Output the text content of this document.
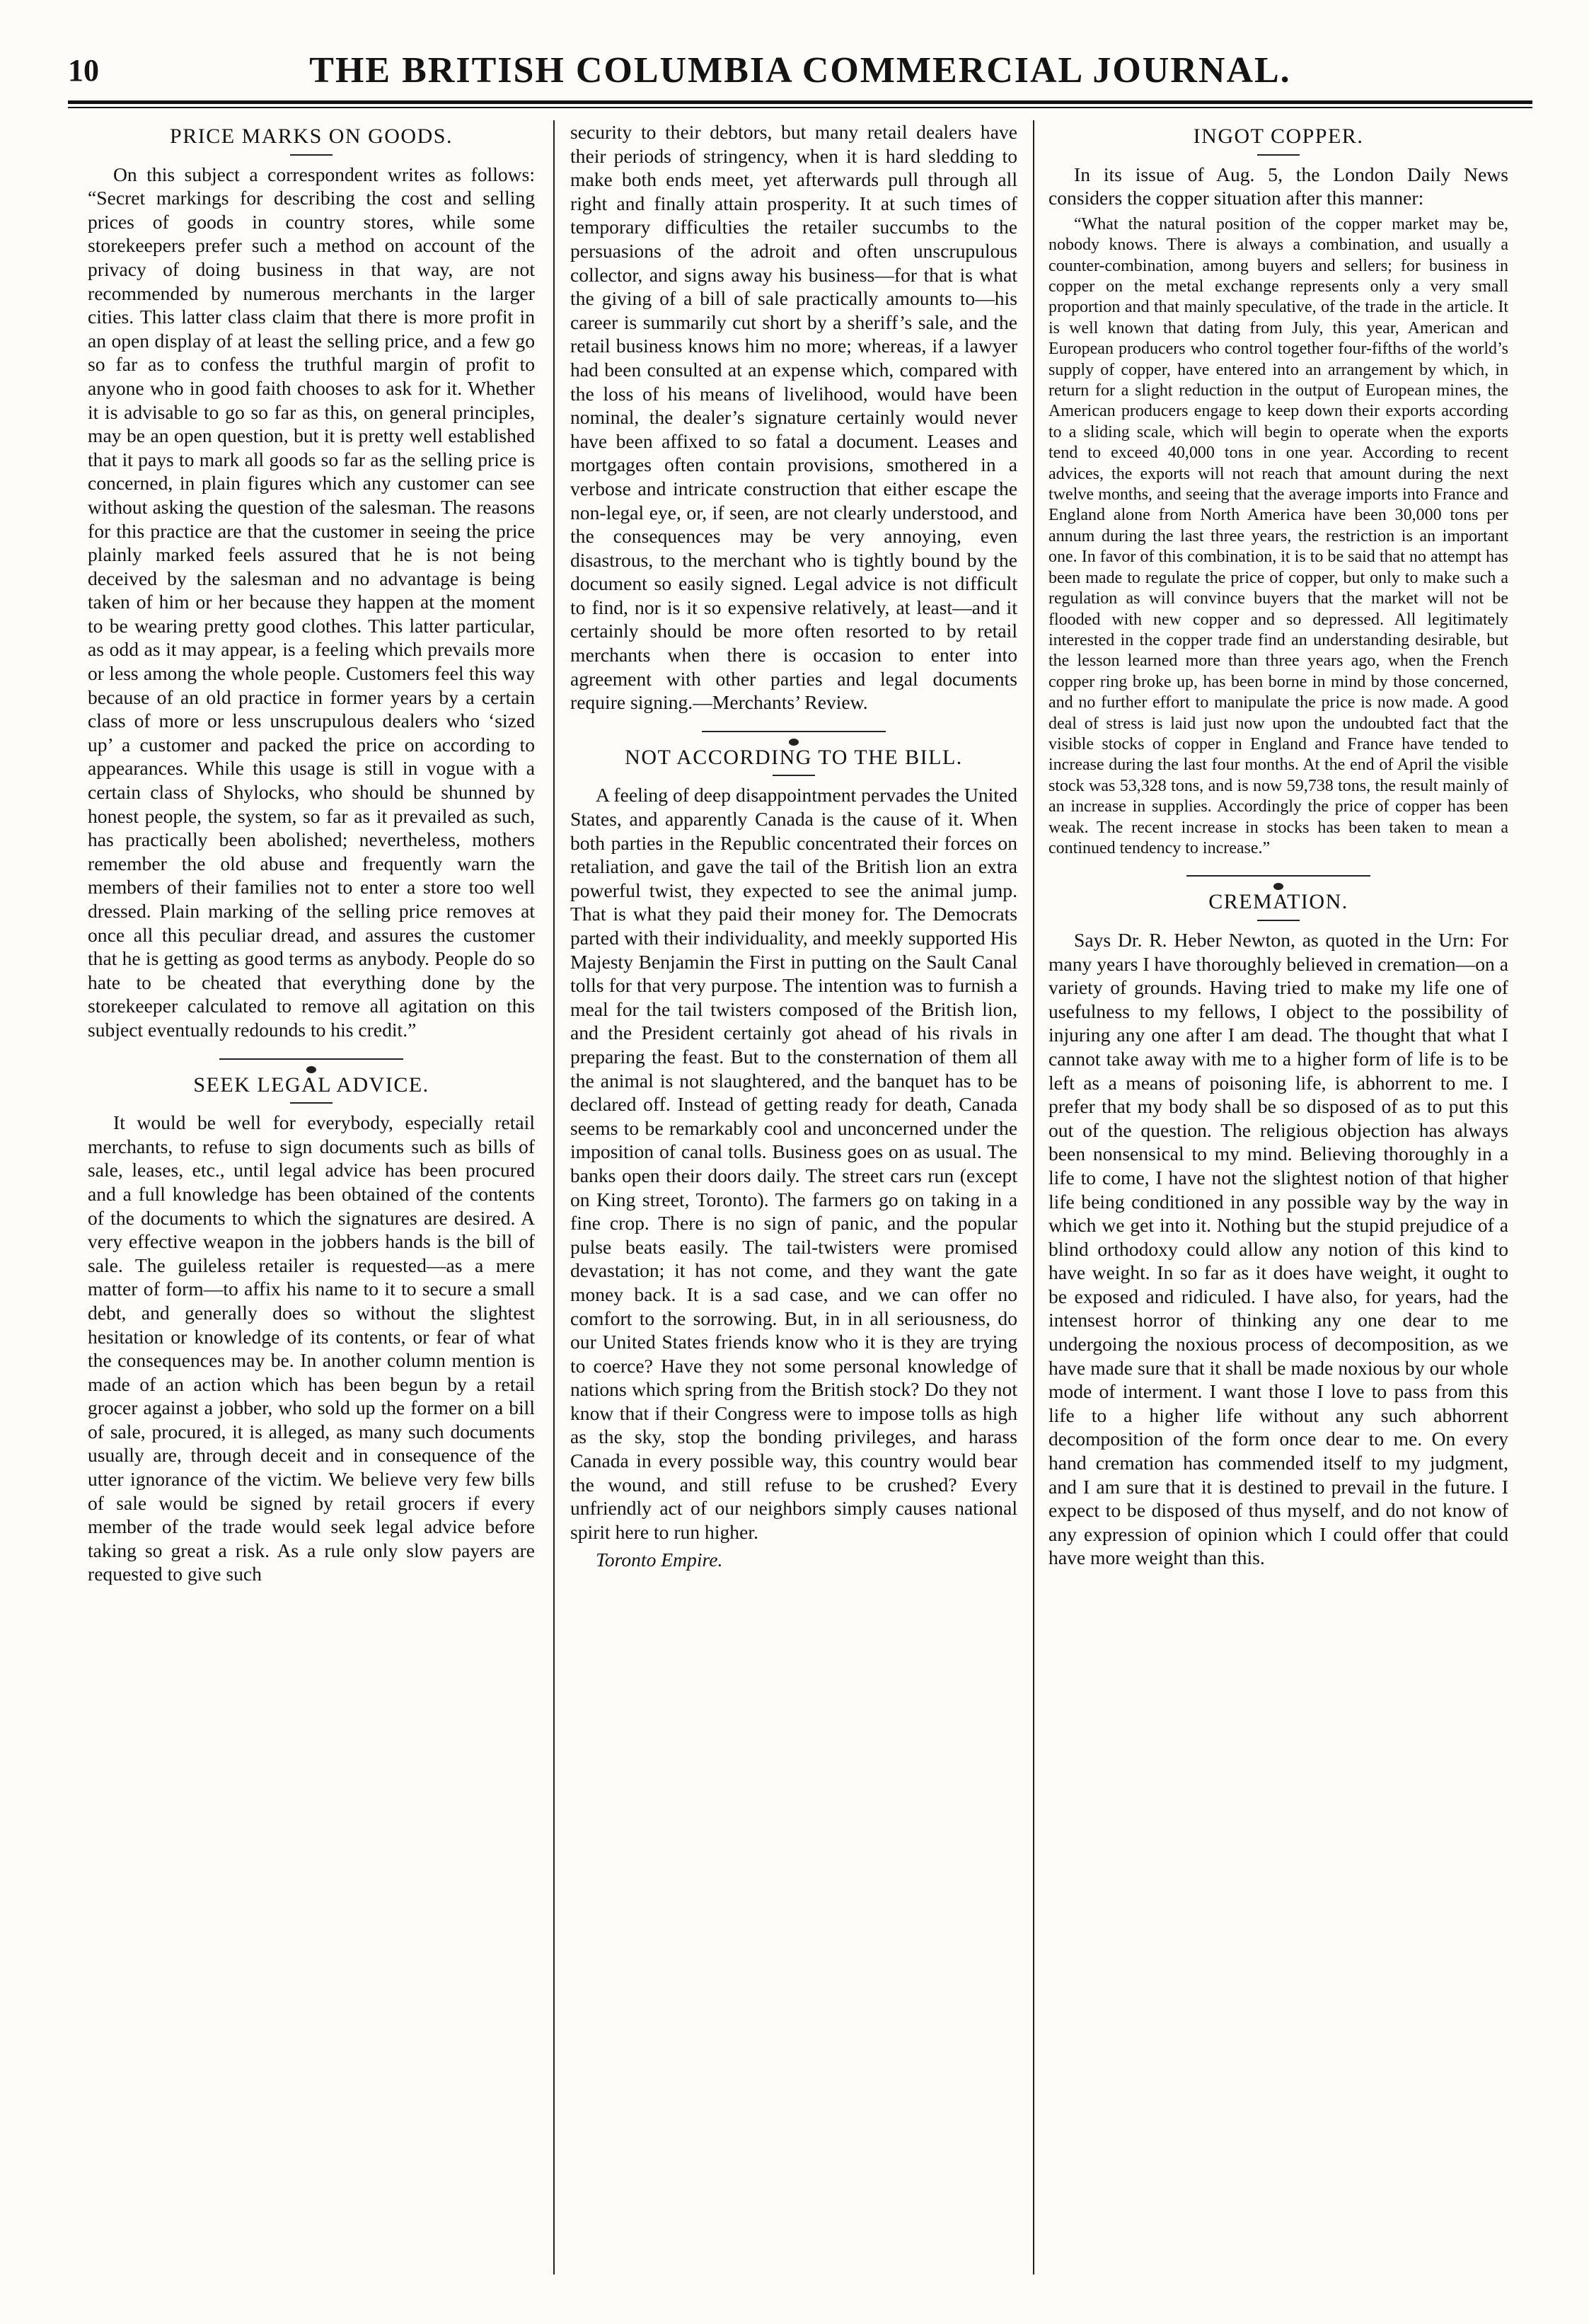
10	THE BRITISH COLUMBIA COMMERCIAL JOURNAL.
PRICE MARKS ON GOODS.

On this subject a correspondent writes as follows: “Secret markings for describing the cost and selling prices of goods in country stores, while some storekeepers prefer such a method on account of the privacy of doing business in that way, are not recommended by numerous merchants in the larger cities. This latter class claim that there is more profit in an open display of at least the selling price, and a few go so far as to confess the truthful margin of profit to anyone who in good faith chooses to ask for it. Whether it is advisable to go so far as this, on general principles, may be an open question, but it is pretty well established that it pays to mark all goods so far as the selling price is concerned, in plain figures which any customer can see without asking the question of the salesman. The reasons for this practice are that the customer in seeing the price plainly marked feels assured that he is not being deceived by the salesman and no advantage is being taken of him or her because they happen at the moment to be wearing pretty good clothes. This latter particular, as odd as it may appear, is a feeling which prevails more or less among the whole people. Customers feel this way because of an old practice in former years by a certain class of more or less unscrupulous dealers who ‘sized up’ a customer and packed the price on according to appearances. While this usage is still in vogue with a certain class of Shylocks, who should be shunned by honest people, the system, so far as it prevailed as such, has practically been abolished; nevertheless, mothers remember the old abuse and frequently warn the members of their families not to enter a store too well dressed. Plain marking of the selling price removes at once all this peculiar dread, and assures the customer that he is getting as good terms as anybody. People do so hate to be cheated that everything done by the storekeeper calculated to remove all agitation on this subject eventually redounds to his credit.”

SEEK LEGAL ADVICE.

It would be well for everybody, especially retail merchants, to refuse to sign documents such as bills of sale, leases, etc., until legal advice has been procured and a full knowledge has been obtained of the contents of the documents to which the signatures are desired. A very effective weapon in the jobbers hands is the bill of sale. The guileless retailer is requested—as a mere matter of form—to affix his name to it to secure a small debt, and generally does so without the slightest hesitation or knowledge of its contents, or fear of what the consequences may be. In another column mention is made of an action which has been begun by a retail grocer against a jobber, who sold up the former on a bill of sale, procured, it is alleged, as many such documents usually are, through deceit and in consequence of the utter ignorance of the victim. We believe very few bills of sale would be signed by retail grocers if every member of the trade would seek legal advice before taking so great a risk. As a rule only slow payers are requested to give such

security to their debtors, but many retail dealers have their periods of stringency, when it is hard sledding to make both ends meet, yet afterwards pull through all right and finally attain prosperity. It at such times of temporary difficulties the retailer succumbs to the persuasions of the adroit and often unscrupulous collector, and signs away his business—for that is what the giving of a bill of sale practically amounts to—his career is summarily cut short by a sheriff’s sale, and the retail business knows him no more; whereas, if a lawyer had been consulted at an expense which, compared with the loss of his means of livelihood, would have been nominal, the dealer’s signature certainly would never have been affixed to so fatal a document. Leases and mortgages often contain provisions, smothered in a verbose and intricate construction that either escape the non-legal eye, or, if seen, are not clearly understood, and the consequences may be very annoying, even disastrous, to the merchant who is tightly bound by the document so easily signed. Legal advice is not difficult to find, nor is it so expensive relatively, at least—and it certainly should be more often resorted to by retail merchants when there is occasion to enter into agreement with other parties and legal documents require signing.—Merchants’ Review.

NOT ACCORDING TO THE BILL.

A feeling of deep disappointment pervades the United States, and apparently Canada is the cause of it. When both parties in the Republic concentrated their forces on retaliation, and gave the tail of the British lion an extra powerful twist, they expected to see the animal jump. That is what they paid their money for. The Democrats parted with their individuality, and meekly supported His Majesty Benjamin the First in putting on the Sault Canal tolls for that very purpose. The intention was to furnish a meal for the tail twisters composed of the British lion, and the President certainly got ahead of his rivals in preparing the feast. But to the consternation of them all the animal is not slaughtered, and the banquet has to be declared off. Instead of getting ready for death, Canada seems to be remarkably cool and unconcerned under the imposition of canal tolls. Business goes on as usual. The banks open their doors daily. The street cars run (except on King street, Toronto). The farmers go on taking in a fine crop. There is no sign of panic, and the popular pulse beats easily. The tail-twisters were promised devastation; it has not come, and they want the gate money back. It is a sad case, and we can offer no comfort to the sorrowing. But, in in all seriousness, do our United States friends know who it is they are trying to coerce? Have they not some personal knowledge of nations which spring from the British stock? Do they not know that if their Congress were to impose tolls as high as the sky, stop the bonding privileges, and harass Canada in every possible way, this country would bear the wound, and still refuse to be crushed? Every unfriendly act of our neighbors simply causes national spirit here to run higher.

Toronto Empire.

INGOT COPPER.

In its issue of Aug. 5, the London Daily News considers the copper situation after this manner:

“What the natural position of the copper market may be, nobody knows. There is always a combination, and usually a counter-combination, among buyers and sellers; for business in copper on the metal exchange represents only a very small proportion and that mainly speculative, of the trade in the article. It is well known that dating from July, this year, American and European producers who control together four-fifths of the world’s supply of copper, have entered into an arrangement by which, in return for a slight reduction in the output of European mines, the American producers engage to keep down their exports according to a sliding scale, which will begin to operate when the exports tend to exceed 40,000 tons in one year. According to recent advices, the exports will not reach that amount during the next twelve months, and seeing that the average imports into France and England alone from North America have been 30,000 tons per annum during the last three years, the restriction is an important one. In favor of this combination, it is to be said that no attempt has been made to regulate the price of copper, but only to make such a regulation as will convince buyers that the market will not be flooded with new copper and so depressed. All legitimately interested in the copper trade find an understanding desirable, but the lesson learned more than three years ago, when the French copper ring broke up, has been borne in mind by those concerned, and no further effort to manipulate the price is now made. A good deal of stress is laid just now upon the undoubted fact that the visible stocks of copper in England and France have tended to increase during the last four months. At the end of April the visible stock was 53,328 tons, and is now 59,738 tons, the result mainly of an increase in supplies. Accordingly the price of copper has been weak. The recent increase in stocks has been taken to mean a continued tendency to increase.”

CREMATION.

Says Dr. R. Heber Newton, as quoted in the Urn: For many years I have thoroughly believed in cremation—on a variety of grounds. Having tried to make my life one of usefulness to my fellows, I object to the possibility of injuring any one after I am dead. The thought that what I cannot take away with me to a higher form of life is to be left as a means of poisoning life, is abhorrent to me. I prefer that my body shall be so disposed of as to put this out of the question. The religious objection has always been nonsensical to my mind. Believing thoroughly in a life to come, I have not the slightest notion of that higher life being conditioned in any possible way by the way in which we get into it. Nothing but the stupid prejudice of a blind orthodoxy could allow any notion of this kind to have weight. In so far as it does have weight, it ought to be exposed and ridiculed. I have also, for years, had the intensest horror of thinking any one dear to me undergoing the noxious process of decomposition, as we have made sure that it shall be made noxious by our whole mode of interment. I want those I love to pass from this life to a higher life without any such abhorrent decomposition of the form once dear to me. On every hand cremation has commended itself to my judgment, and I am sure that it is destined to prevail in the future. I expect to be disposed of thus myself, and do not know of any expression of opinion which I could offer that could have more weight than this.
